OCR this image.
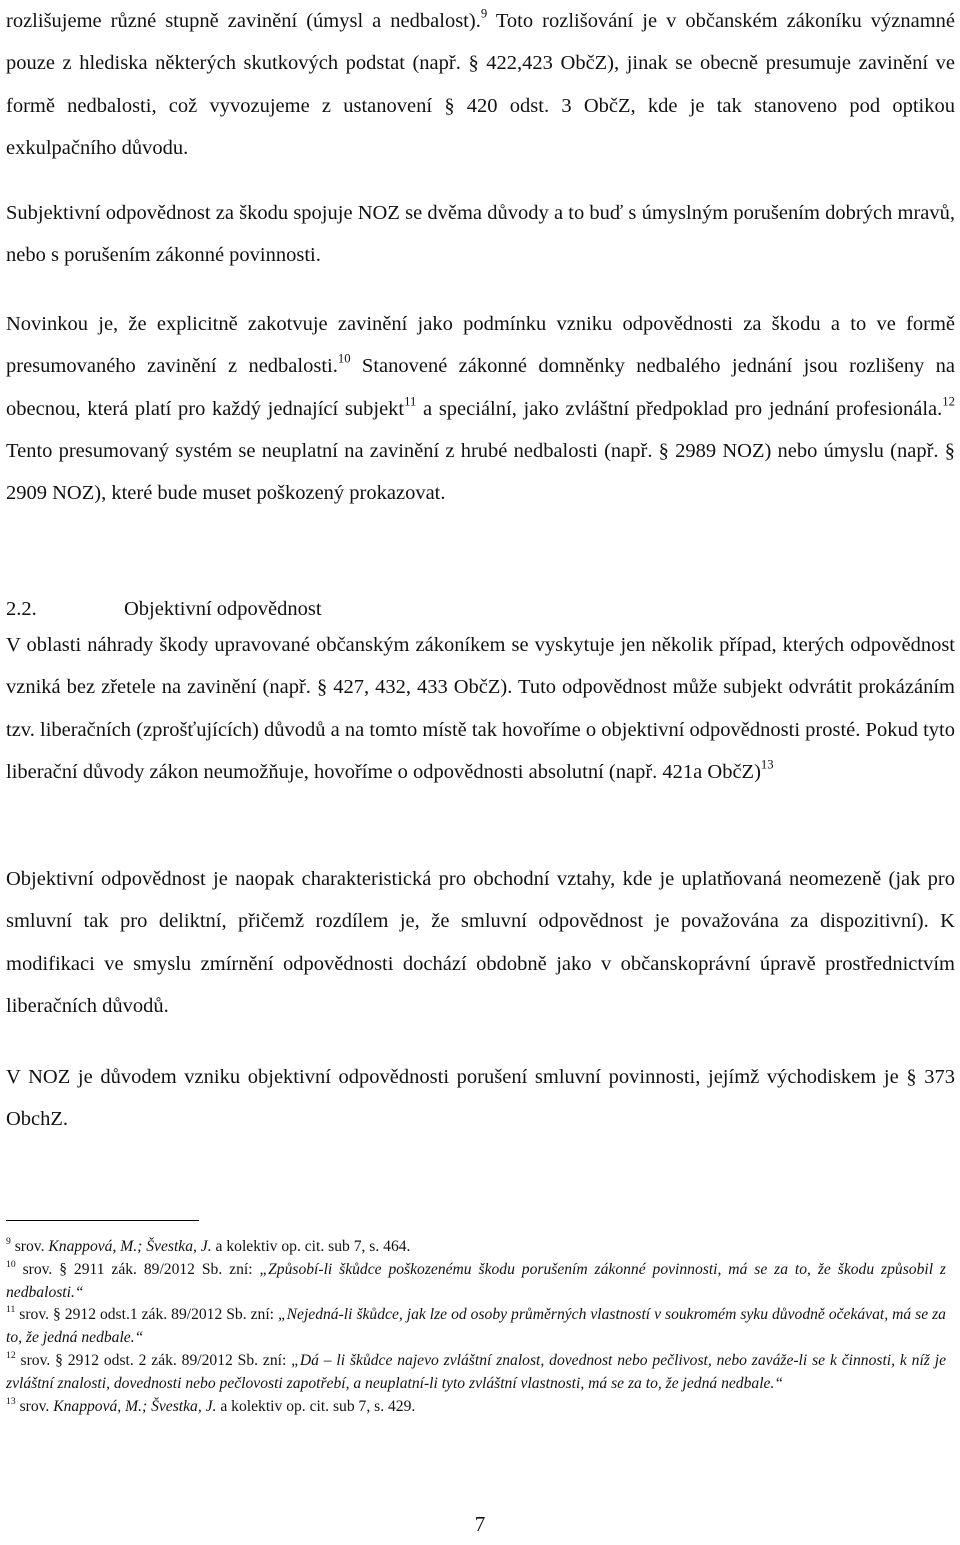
rozlišujeme různé stupně zavinění (úmysl a nedbalost).$^9$ Toto rozlišování je v občanském zákoníku významné pouze z hlediska některých skutkových podstat (např. § 422,423 ObčZ), jinak se obecně presumuje zavinění ve formě nedbalosti, což vyvozujeme z ustanovení § 420 odst. 3 ObčZ, kde je tak stanoveno pod optikou exkulpačního důvodu.

Subjektivní odpovědnost za škodu spojuje NOZ se dvěma důvody a to buď s úmyslným porušením dobrých mravů, nebo s porušením zákonné povinnosti.

Novinkou je, že explicitně zakotvuje zavinění jako podmínku vzniku odpovědnosti za škodu a to ve formě presumovaného zavinění z nedbalosti.$^{10}$ Stanovené zákonné domněnky nedbalého jednání jsou rozlišeny na obecnou, která platí pro každý jednající subjekt$^{11}$ a speciální, jako zvláštní předpoklad pro jednání profesionála.$^{12}$ Tento presumovaný systém se neuplatní na zavinění z hrubé nedbalosti (např. § 2989 NOZ) nebo úmyslu (např. § 2909 NOZ), které bude muset poškozený prokazovat.

2.2.	Objektivní odpovědnost

V oblasti náhrady škody upravované občanským zákoníkem se vyskytuje jen několik případ, kterých odpovědnost vzniká bez zřetele na zavinění (např. § 427, 432, 433 ObčZ). Tuto odpovědnost může subjekt odvrátit prokázáním tzv. liberačních (zprošťujících) důvodů a na tomto místě tak hovoříme o objektivní odpovědnosti prosté. Pokud tyto liberační důvody zákon neumožňuje, hovoříme o odpovědnosti absolutní (např. 421a ObčZ)$^{13}$

Objektivní odpovědnost je naopak charakteristická pro obchodní vztahy, kde je uplatňovaná neomezeně (jak pro smluvní tak pro deliktní, přičemž rozdílem je, že smluvní odpovědnost je považována za dispozitivní). K modifikaci ve smyslu zmírnění odpovědnosti dochází obdobně jako v občanskoprávní úpravě prostřednictvím liberačních důvodů.

V NOZ je důvodem vzniku objektivní odpovědnosti porušení smluvní povinnosti, jejímž východiskem je § 373 ObchZ.

$^9$ srov. Knappová, M.; Švestka, J. a kolektiv op. cit. sub 7, s. 464.

$^{10}$ srov. § 2911 zák. 89/2012 Sb. zní: „Způsobí-li škůdce poškozenému škodu porušením zákonné povinnosti, má se za to, že škodu způsobil z nedbalosti.“

$^{11}$ srov. § 2912 odst.1 zák. 89/2012 Sb. zní: „Nejedná-li škůdce, jak lze od osoby průměrných vlastností v soukromém syku důvodně očekávat, má se za to, že jedná nedbale.“

$^{12}$ srov. § 2912 odst. 2 zák. 89/2012 Sb. zní: „Dá – li škůdce najevo zvláštní znalost, dovednost nebo pečlivost, nebo zaváže-li se k činnosti, k níž je zvláštní znalosti, dovednosti nebo pečlovosti zapotřebí, a neuplatní-li tyto zvláštní vlastnosti, má se za to, že jedná nedbale.“

$^{13}$ srov. Knappová, M.; Švestka, J. a kolektiv op. cit. sub 7, s. 429.

7
